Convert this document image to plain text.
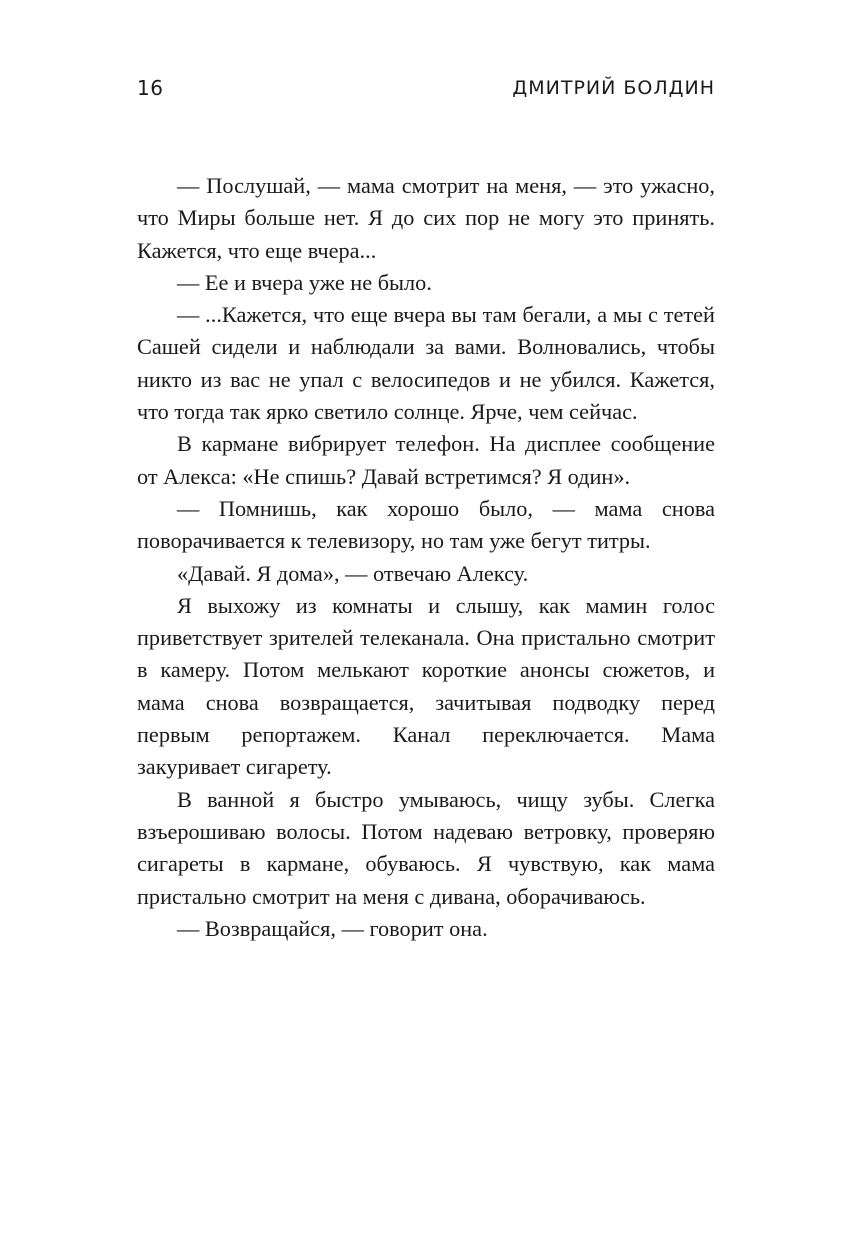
16	ДМИТРИЙ БОЛДИН

— Послушай, — мама смотрит на меня, — это ужасно, что Миры больше нет. Я до сих пор не могу это принять. Кажется, что еще вчера...

— Ее и вчера уже не было.

— ...Кажется, что еще вчера вы там бегали, а мы с тетей Сашей сидели и наблюдали за вами. Волновались, чтобы никто из вас не упал с велосипедов и не убился. Кажется, что тогда так ярко светило солнце. Ярче, чем сейчас.

В кармане вибрирует телефон. На дисплее сообщение от Алекса: «Не спишь? Давай встретимся? Я один».

— Помнишь, как хорошо было, — мама снова поворачивается к телевизору, но там уже бегут титры.

«Давай. Я дома», — отвечаю Алексу.

Я выхожу из комнаты и слышу, как мамин голос приветствует зрителей телеканала. Она пристально смотрит в камеру. Потом мелькают короткие анонсы сюжетов, и мама снова возвращается, зачитывая подводку перед первым репортажем. Канал переключается. Мама закуривает сигарету.

В ванной я быстро умываюсь, чищу зубы. Слегка взъерошиваю волосы. Потом надеваю ветровку, проверяю сигареты в кармане, обуваюсь. Я чувствую, как мама пристально смотрит на меня с дивана, оборачиваюсь.

— Возвращайся, — говорит она.
